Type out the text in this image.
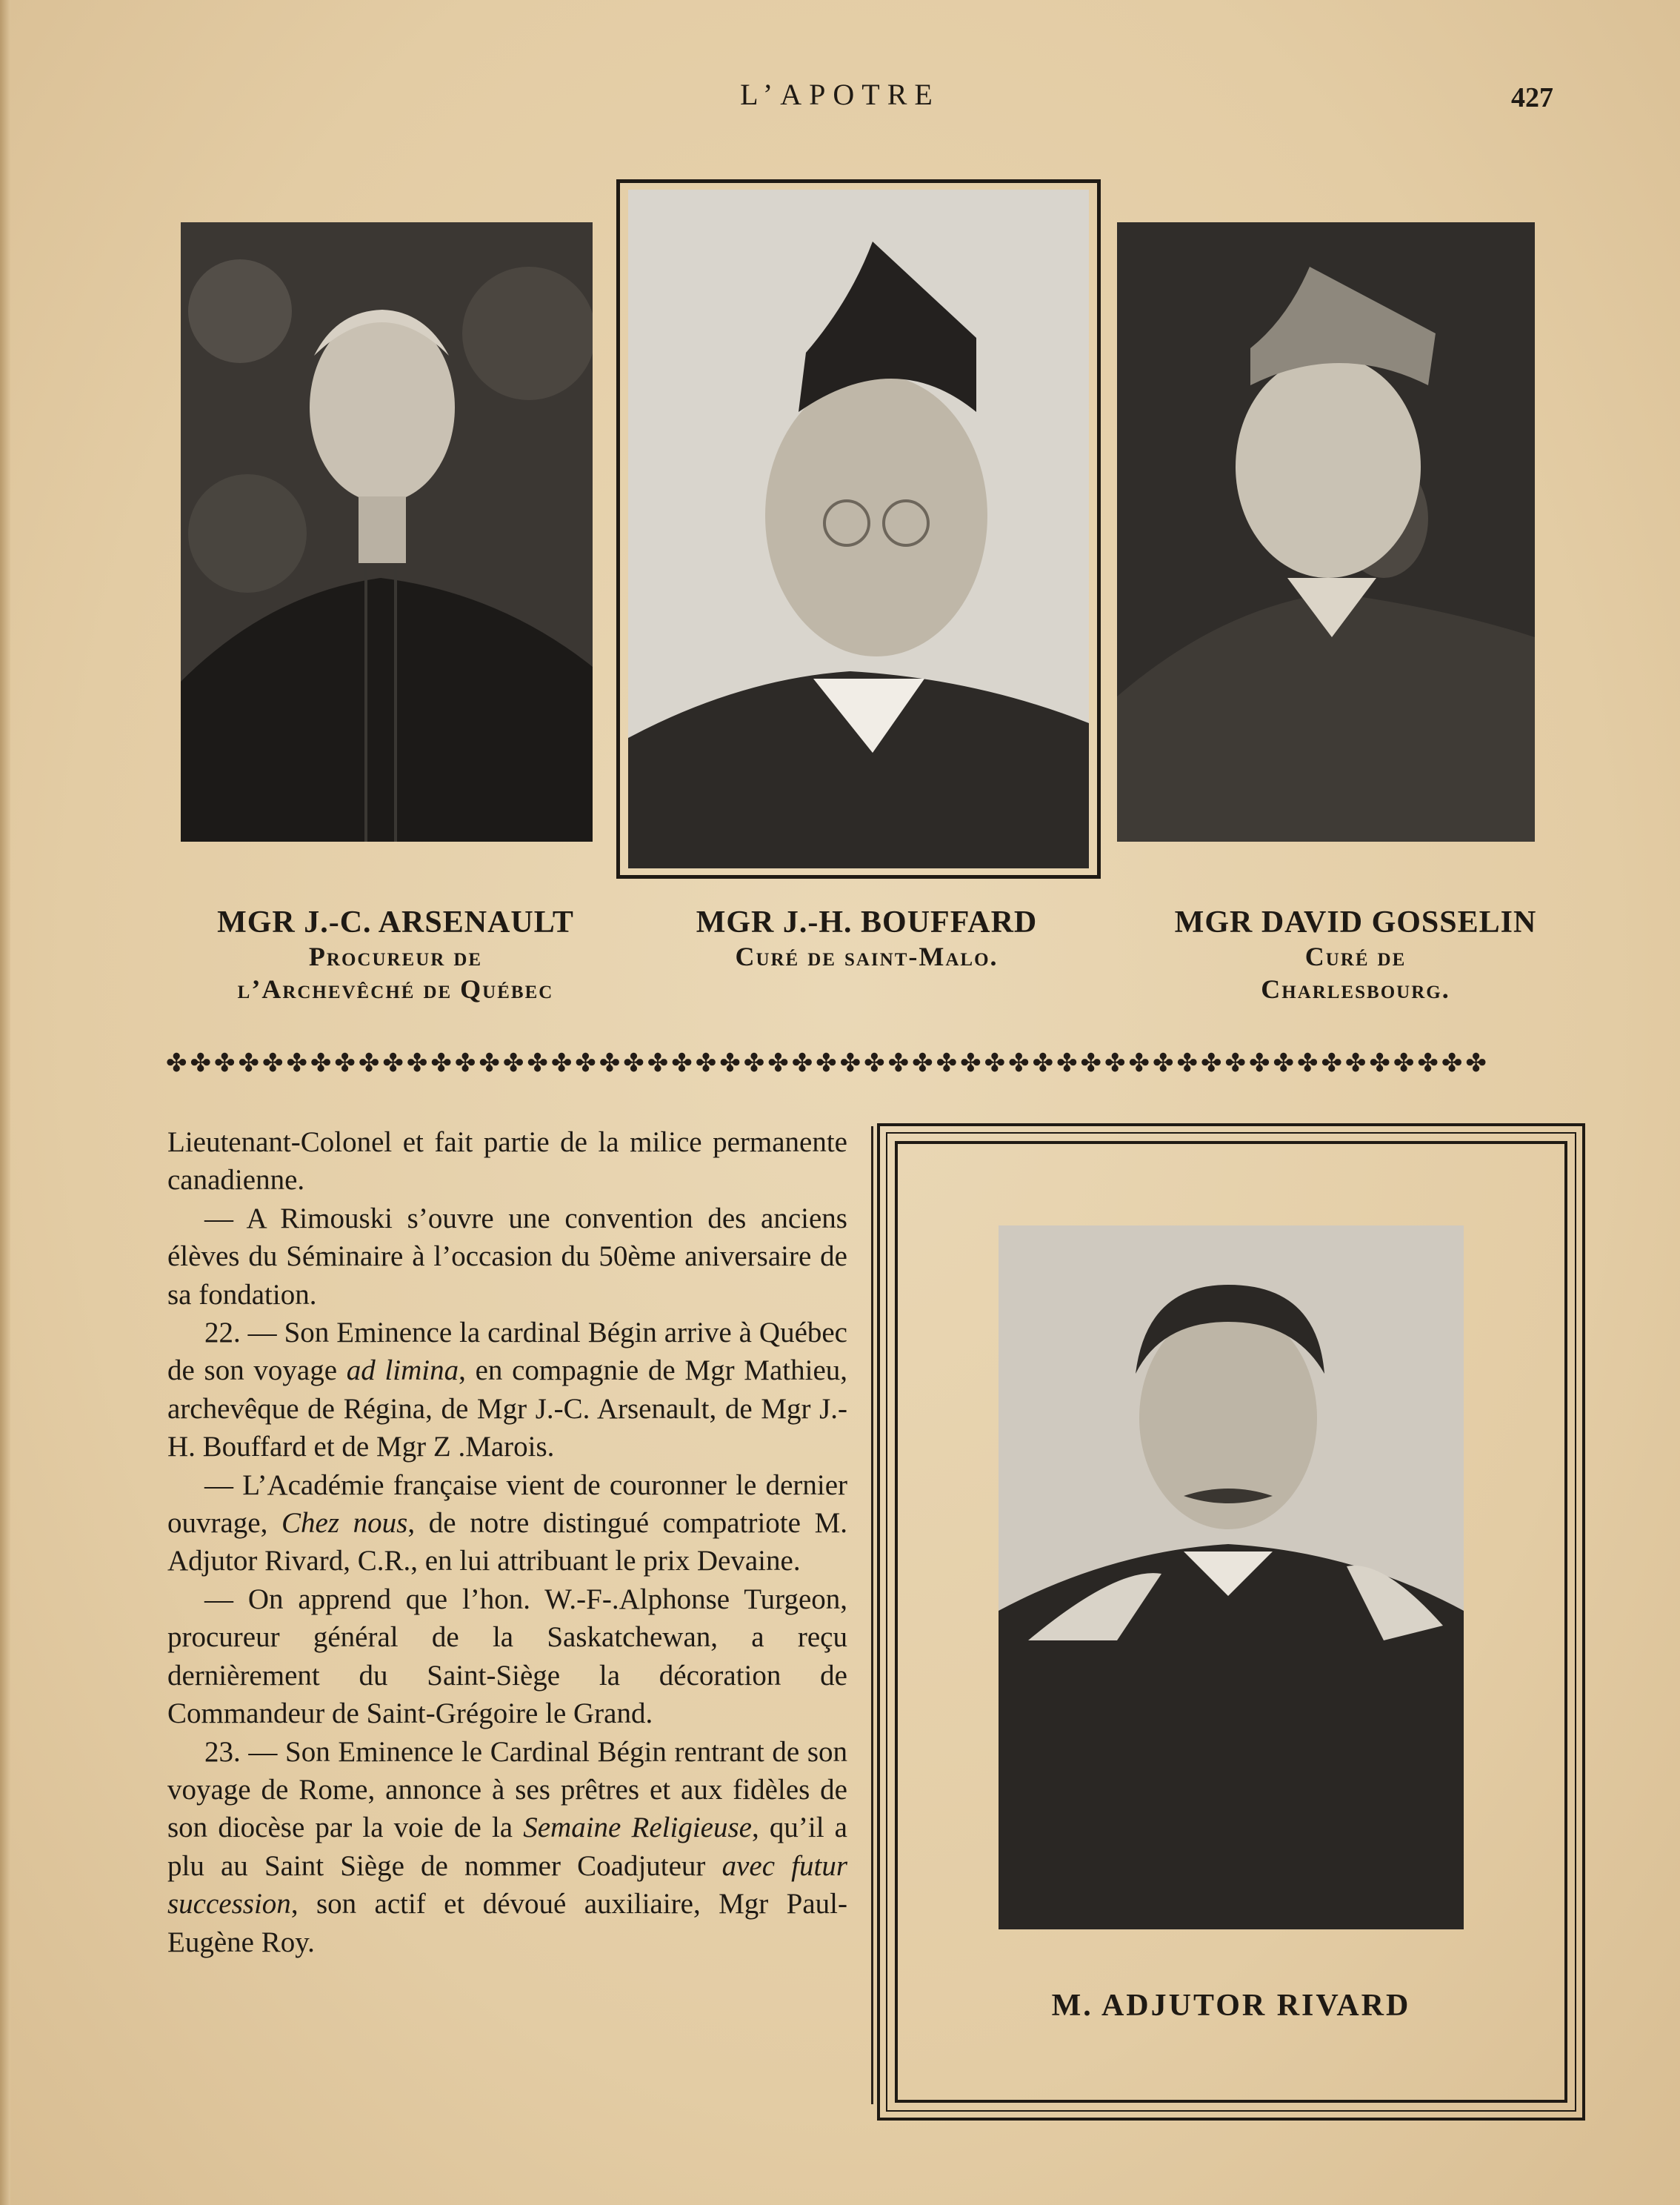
L’APOTRE	427
MGR J.-C. ARSENAULT
Procureur de
l’Archevêché de Québec
MGR J.-H. BOUFFARD
Curé de saint-Malo.
MGR DAVID GOSSELIN
Curé de
Charlesbourg.
✤✤✤✤✤✤✤✤✤✤✤✤✤✤✤✤✤✤✤✤✤✤✤✤✤✤✤✤✤✤✤✤✤✤✤✤✤✤✤✤✤✤✤✤✤✤✤✤✤✤✤✤✤✤✤

Lieutenant-Colonel et fait partie de la milice permanente canadienne.

— A Rimouski s’ouvre une convention des anciens élèves du Séminaire à l’occasion du 50ème aniversaire de sa fondation.

22. — Son Eminence la cardinal Bégin arrive à Québec de son voyage ad limina, en compagnie de Mgr Mathieu, archevêque de Régina, de Mgr J.-C. Arsenault, de Mgr J.-H. Bouffard et de Mgr Z .Marois.

— L’Académie française vient de couronner le dernier ouvrage, Chez nous, de notre distingué compatriote M. Adjutor Rivard, C.R., en lui attribuant le prix Devaine.

— On apprend que l’hon. W.-F-.Alphonse Turgeon, procureur général de la Saskatchewan, a reçu dernièrement du Saint-Siège la décoration de Commandeur de Saint-Grégoire le Grand.

23. — Son Eminence le Cardinal Bégin rentrant de son voyage de Rome, annonce à ses prêtres et aux fidèles de son diocèse par la voie de la Semaine Religieuse, qu’il a plu au Saint Siège de nommer Coadjuteur avec futur succession, son actif et dévoué auxiliaire, Mgr Paul-Eugène Roy.

M. ADJUTOR RIVARD
